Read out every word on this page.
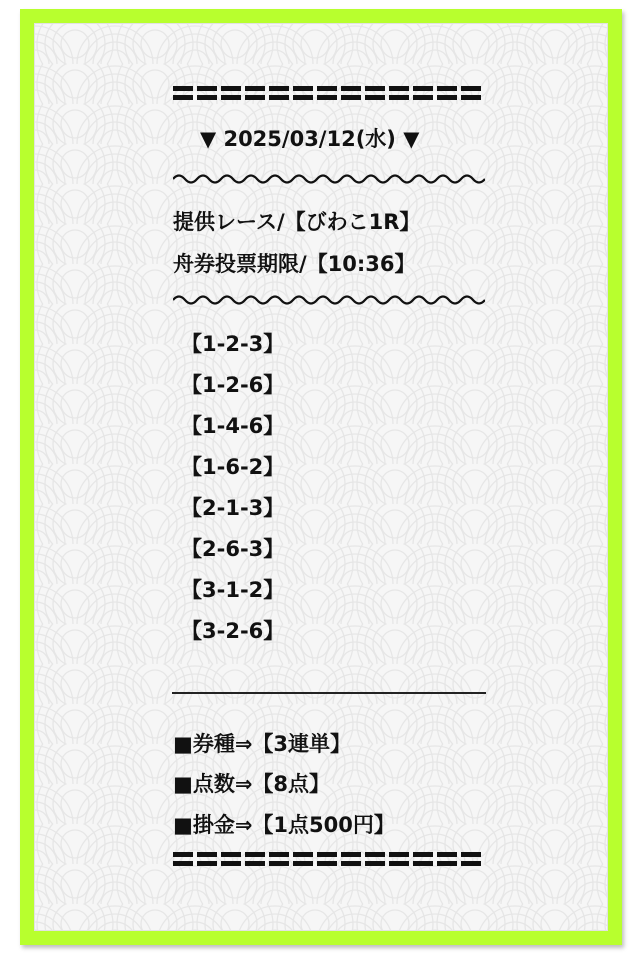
▼ 2025/03/12(水) ▼
提供レース/【びわこ1R】
舟券投票期限/【10:36】
【1-2-3】
【1-2-6】
【1-4-6】
【1-6-2】
【2-1-3】
【2-6-3】
【3-1-2】
【3-2-6】
■券種⇒【3連単】
■点数⇒【8点】
■掛金⇒【1点500円】
